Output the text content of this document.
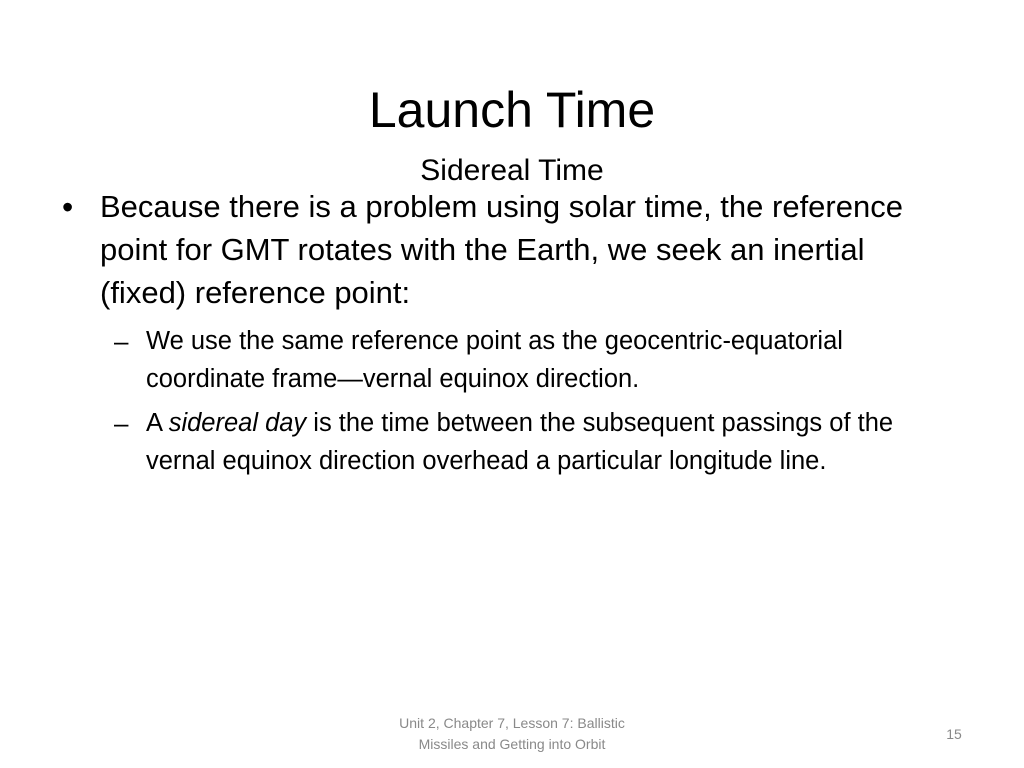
Launch Time
Sidereal Time
• Because there is a problem using solar time, the reference point for GMT rotates with the Earth, we seek an inertial (fixed) reference point:
– We use the same reference point as the geocentric-equatorial coordinate frame—vernal equinox direction.
– A sidereal day is the time between the subsequent passings of the vernal equinox direction overhead a particular longitude line.
Unit 2, Chapter 7, Lesson 7: Ballistic
Missiles and Getting into Orbit
15
